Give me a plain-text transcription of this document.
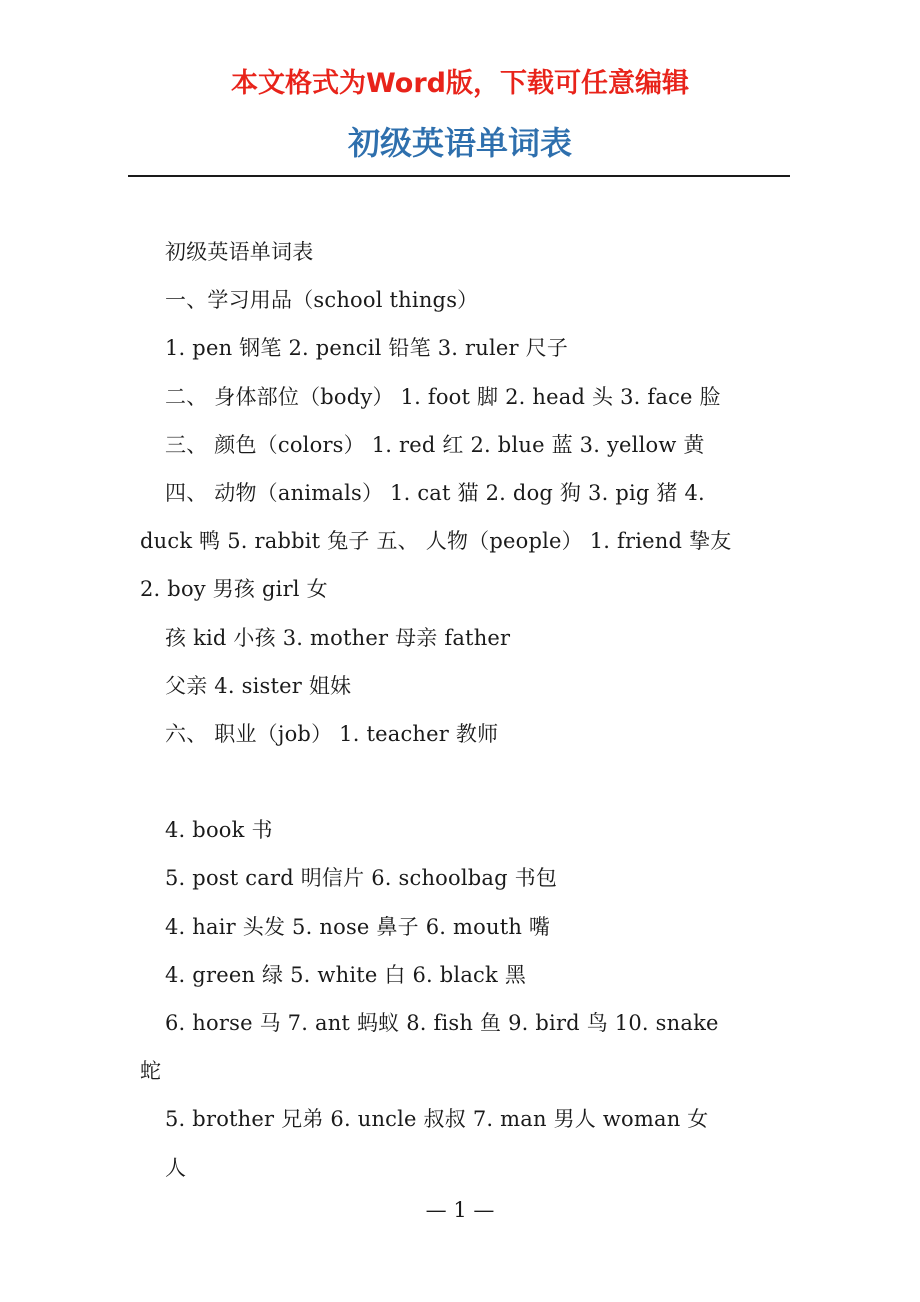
本文格式为Word版，下载可任意编辑
初级英语单词表
初级英语单词表
一、学习用品（school things）
1. pen 钢笔 2. pencil 铅笔 3. ruler 尺子
二、 身体部位（body） 1. foot 脚 2. head 头 3. face 脸
三、 颜色（colors） 1. red 红 2. blue 蓝 3. yellow 黄
四、 动物（animals） 1. cat 猫 2. dog 狗 3. pig 猪 4.
duck 鸭 5. rabbit 兔子 五、 人物（people） 1. friend 挚友
2. boy 男孩 girl 女
孩 kid 小孩 3. mother 母亲 father
父亲 4. sister 姐妹
六、 职业（job） 1. teacher 教师
4. book 书
5. post card 明信片 6. schoolbag 书包
4. hair 头发 5. nose 鼻子 6. mouth 嘴
4. green 绿 5. white 白 6. black 黑
6. horse 马 7. ant 蚂蚁 8. fish 鱼 9. bird 鸟 10. snake
蛇
5. brother 兄弟 6. uncle 叔叔 7. man 男人 woman 女
人
— 1 —
